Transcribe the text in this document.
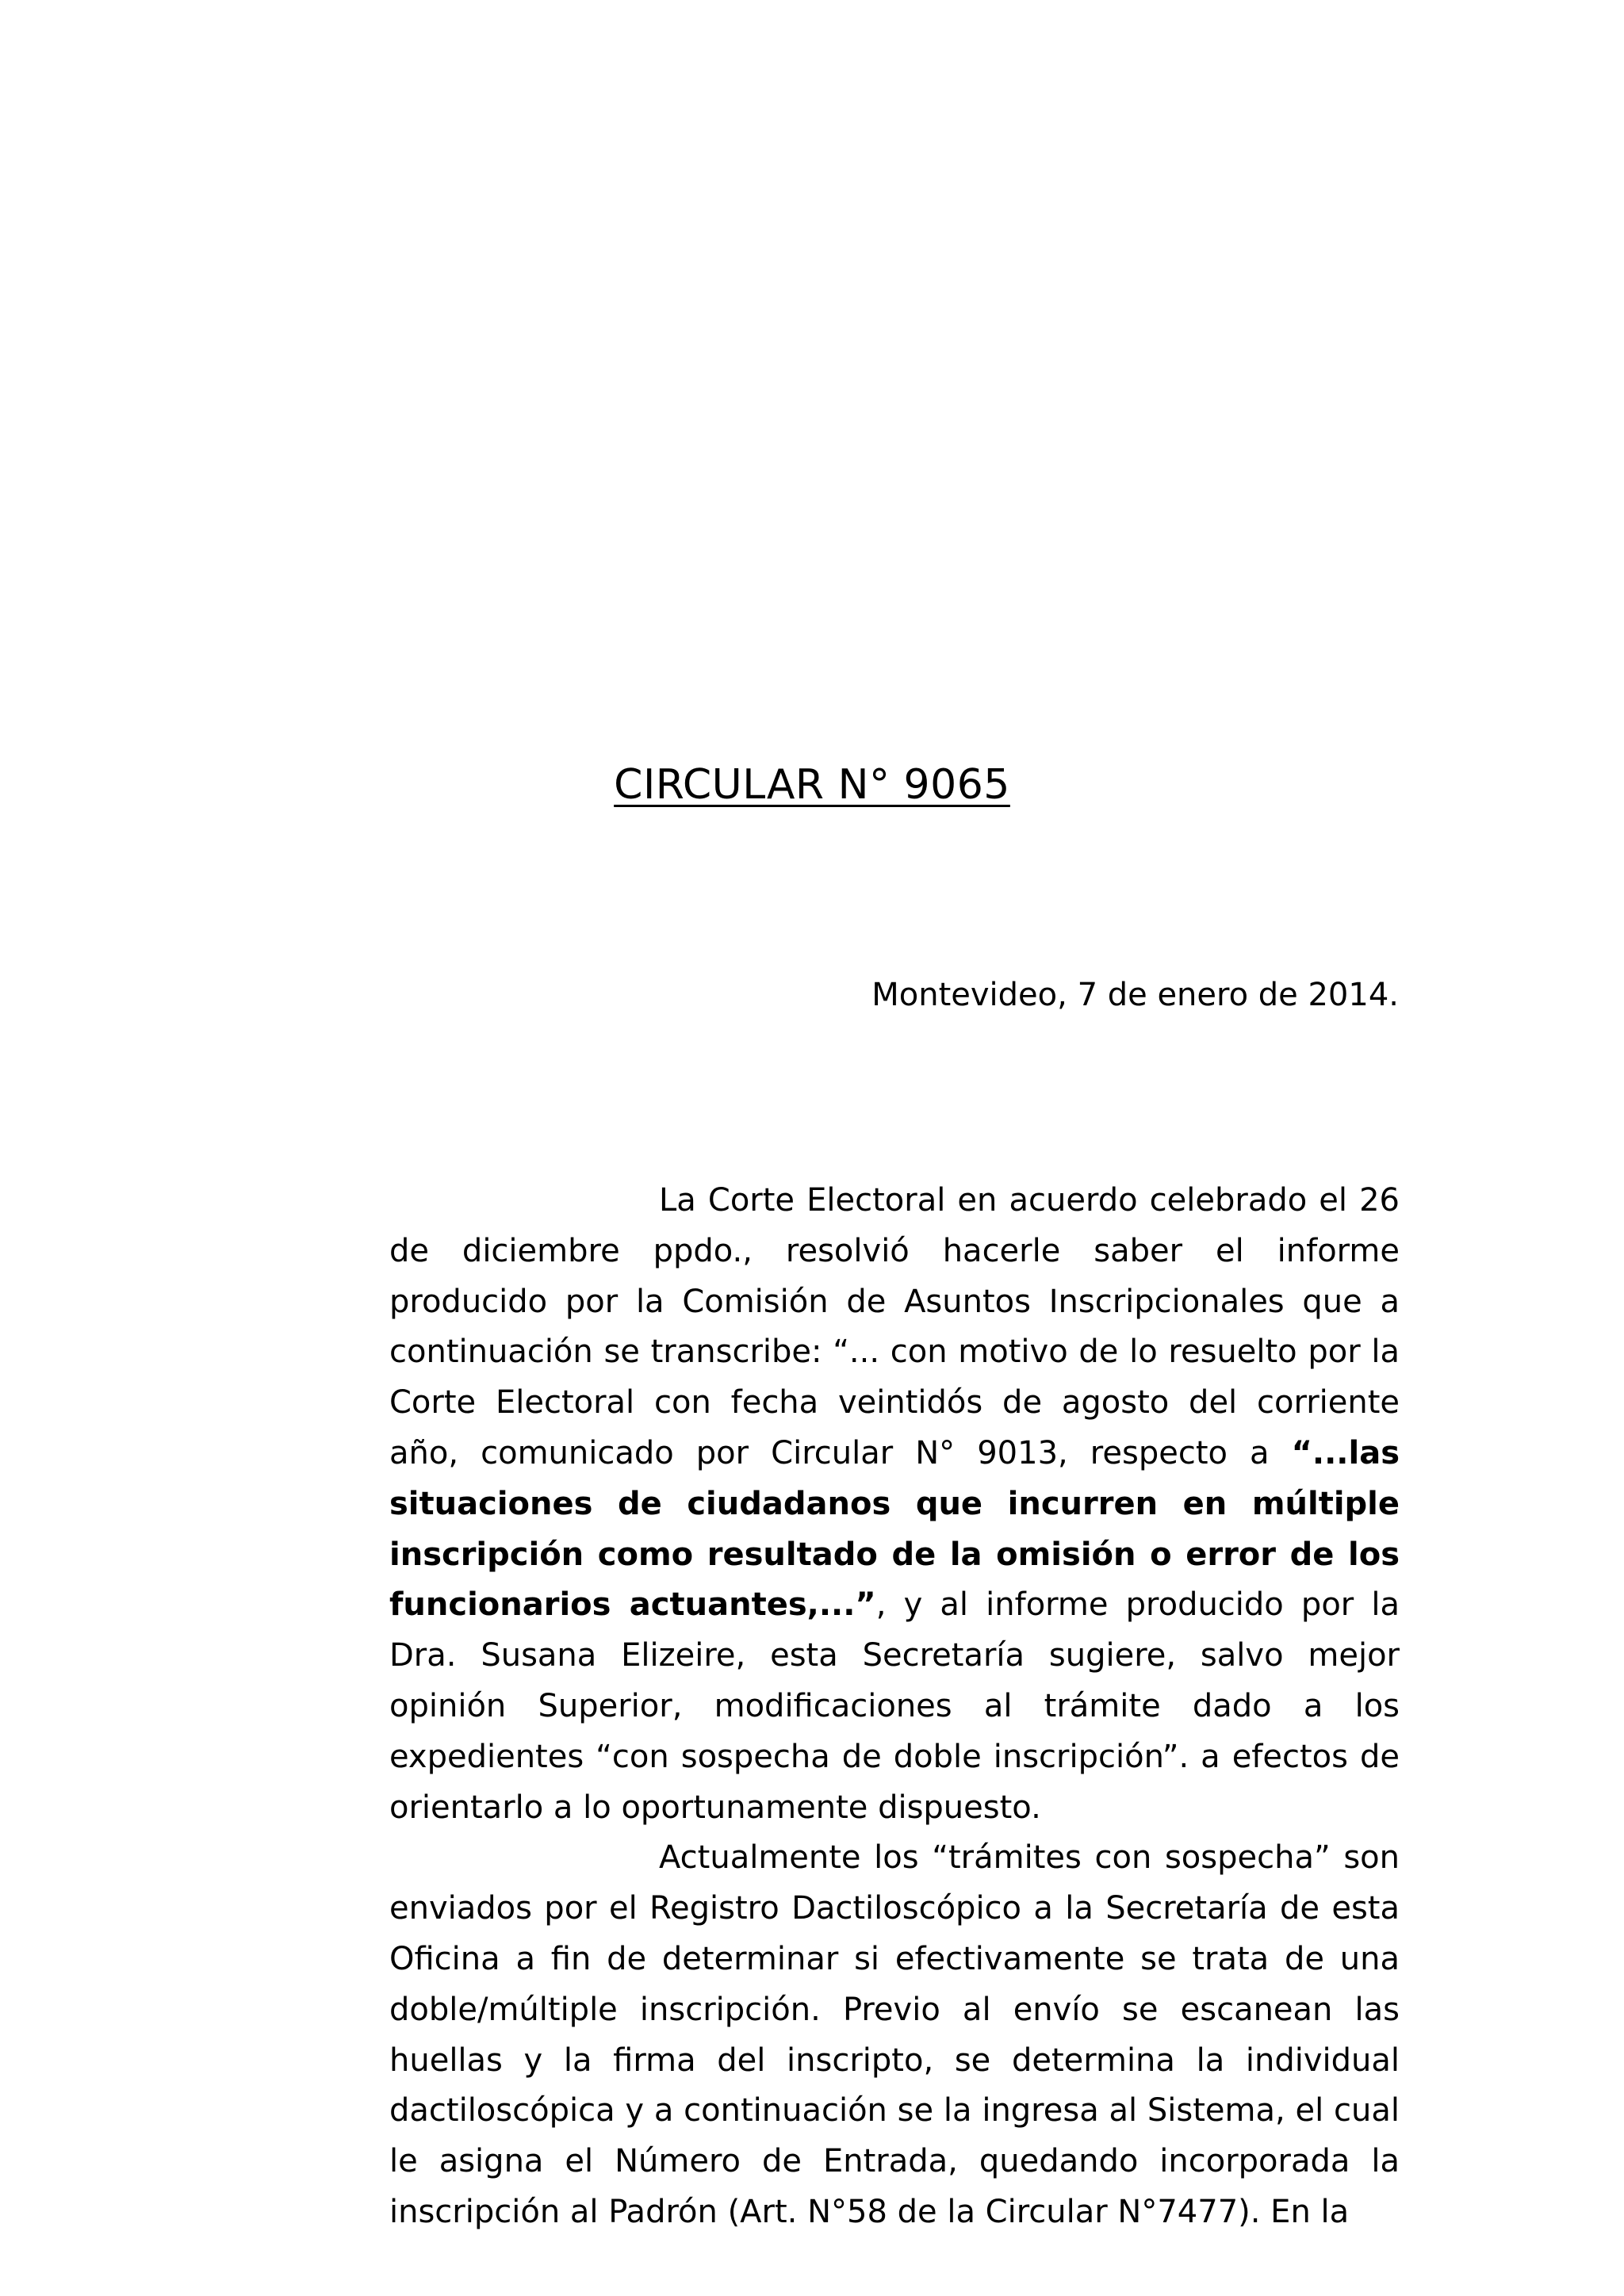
CIRCULAR N° 9065

Montevideo, 7 de enero de 2014.

La Corte Electoral en acuerdo celebrado el 26 de diciembre ppdo., resolvió hacerle saber el informe producido por la Comisión de Asuntos Inscripcionales que a continuación se transcribe: “... con motivo de lo resuelto por la Corte Electoral con fecha veintidós de agosto del corriente año, comunicado por Circular N° 9013, respecto a “...las situaciones de ciudadanos que incurren en múltiple inscripción como resultado de la omisión o error de los funcionarios actuantes,...”, y al informe producido por la Dra. Susana Elizeire, esta Secretaría sugiere, salvo mejor opinión Superior, modificaciones al trámite dado a los expedientes “con sospecha de doble inscripción”. a efectos de orientarlo a lo oportunamente dispuesto.

Actualmente los “trámites con sospecha” son enviados por el Registro Dactiloscópico a la Secretaría de esta Oficina a fin de determinar si efectivamente se trata de una doble/múltiple inscripción. Previo al envío se escanean las huellas y la firma del inscripto, se determina la individual dactiloscópica y a continuación se la ingresa al Sistema, el cual le asigna el Número de Entrada, quedando incorporada la inscripción al Padrón (Art. N°58 de la Circular N°7477). En la
